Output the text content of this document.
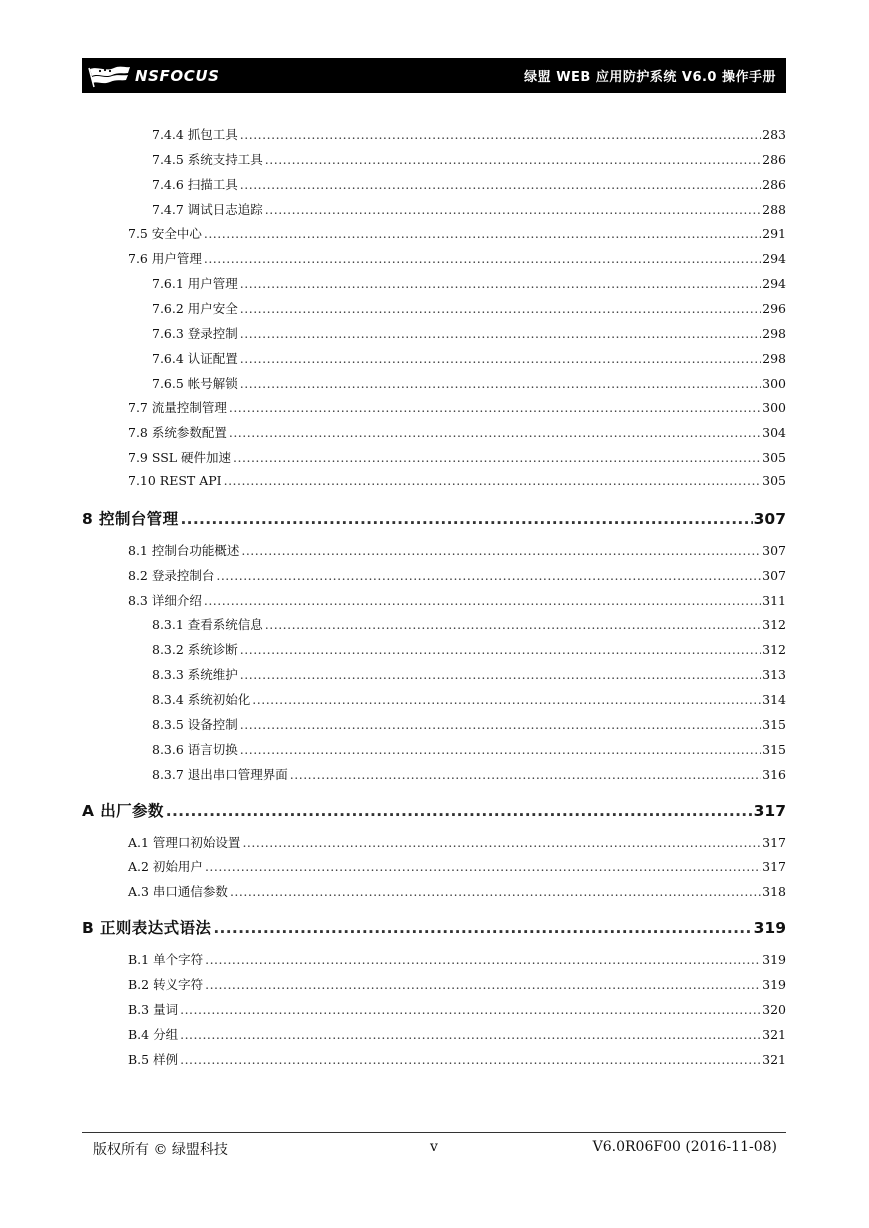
NSFOCUS	绿盟 WEB 应用防护系统 V6.0 操作手册
7.4.4 抓包工具 .....	283
7.4.5 系统支持工具 .....	286
7.4.6 扫描工具 .....	286
7.4.7 调试日志追踪 .....	288
7.5 安全中心 .....	291
7.6 用户管理 .....	294
7.6.1 用户管理 .....	294
7.6.2 用户安全 .....	296
7.6.3 登录控制 .....	298
7.6.4 认证配置 .....	298
7.6.5 帐号解锁 .....	300
7.7 流量控制管理 .....	300
7.8 系统参数配置 .....	304
7.9 SSL 硬件加速 .....	305
7.10 REST API .....	305
8 控制台管理 .....	307
8.1 控制台功能概述 .....	307
8.2 登录控制台 .....	307
8.3 详细介绍 .....	311
8.3.1 查看系统信息 .....	312
8.3.2 系统诊断 .....	312
8.3.3 系统维护 .....	313
8.3.4 系统初始化 .....	314
8.3.5 设备控制 .....	315
8.3.6 语言切换 .....	315
8.3.7 退出串口管理界面 .....	316
A 出厂参数 .....	317
A.1 管理口初始设置 .....	317
A.2 初始用户 .....	317
A.3 串口通信参数 .....	318
B 正则表达式语法 .....	319
B.1 单个字符 .....	319
B.2 转义字符 .....	319
B.3 量词 .....	320
B.4 分组 .....	321
B.5 样例 .....	321
版权所有 © 绿盟科技	v	V6.0R06F00 (2016-11-08)
